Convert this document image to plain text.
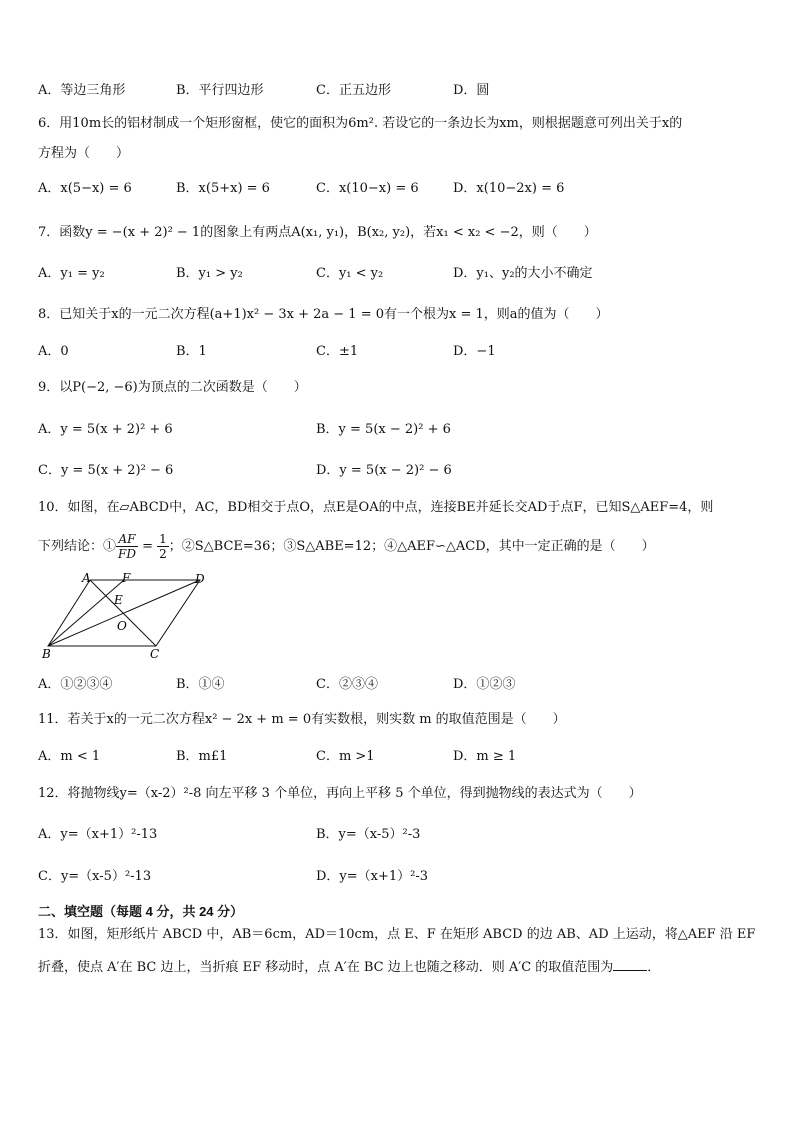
A．等边三角形	B．平行四边形	C．正五边形	D．圆
6．用10m长的铝材制成一个矩形窗框，使它的面积为6m². 若设它的一条边长为xm，则根据题意可列出关于x的
方程为（　　）
A．x(5−x) = 6	B．x(5+x) = 6	C．x(10−x) = 6	D．x(10−2x) = 6
7．函数y = −(x + 2)² − 1的图象上有两点A(x₁, y₁)，B(x₂, y₂)，若x₁ < x₂ < −2，则（　　）
A．y₁ = y₂	B．y₁ > y₂	C．y₁ < y₂	D．y₁、y₂的大小不确定
8．已知关于x的一元二次方程(a+1)x² − 3x + 2a − 1 = 0有一个根为x = 1，则a的值为（　　）
A．0	B．1	C．±1	D．−1
9．以P(−2, −6)为顶点的二次函数是（　　）
A．y = 5(x + 2)² + 6	B．y = 5(x − 2)² + 6
C．y = 5(x + 2)² − 6	D．y = 5(x − 2)² − 6
10．如图，在▱ABCD中，AC，BD相交于点O，点E是OA的中点，连接BE并延长交AD于点F，已知S△AEF=4，则
下列结论：① $\frac{AF}{FD} = \frac{1}{2}$ ；②S△BCE=36；③S△ABE=12；④△AEF∽△ACD，其中一定正确的是（　　）
A	F	D
E
O
B	C
A．①②③④	B．①④	C．②③④	D．①②③
11．若关于x的一元二次方程x² − 2x + m = 0有实数根，则实数 m 的取值范围是（　　）
A．m < 1	B．m£1	C．m >1	D．m ≥ 1
12．将抛物线y=（x-2）²-8 向左平移 3 个单位，再向上平移 5 个单位，得到抛物线的表达式为（　　）
A．y=（x+1）²-13	B．y=（x-5）²-3
C．y=（x-5）²-13	D．y=（x+1）²-3
二、填空题（每题 4 分，共 24 分）
13．如图，矩形纸片 ABCD 中，AB＝6cm，AD＝10cm，点 E、F 在矩形 ABCD 的边 AB、AD 上运动，将△AEF 沿 EF
折叠，使点 A′在 BC 边上，当折痕 EF 移动时，点 A′在 BC 边上也随之移动．则 A′C 的取值范围为	．
